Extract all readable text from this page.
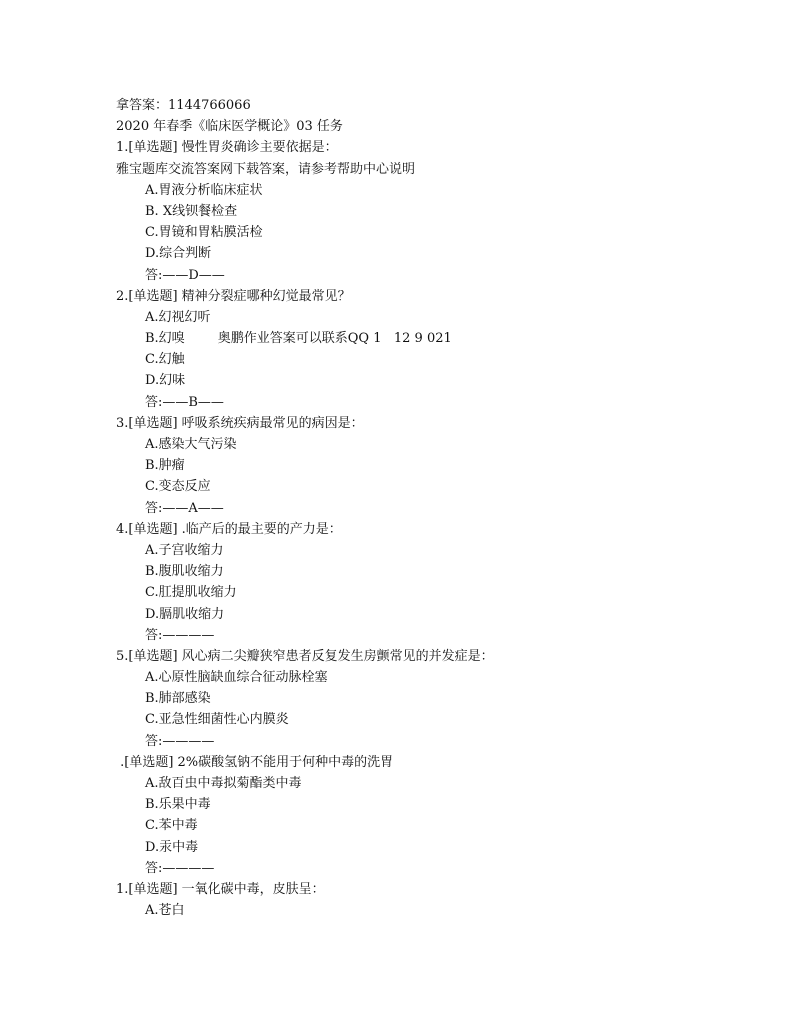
拿答案：1144766066
2020 年春季《临床医学概论》03 任务
1.[单选题] 慢性胃炎确诊主要依据是：
雅宝题库交流答案网下载答案，请参考帮助中心说明
A.胃液分析临床症状
B. X线钡餐检查
C.胃镜和胃粘膜活检
D.综合判断
答:——D——
2.[单选题] 精神分裂症哪种幻觉最常见？
A.幻视幻听
B.幻嗅        奥鹏作业答案可以联系QQ 1   12 9 021
C.幻触
D.幻味
答:——B——
3.[单选题] 呼吸系统疾病最常见的病因是：
A.感染大气污染
B.肿瘤
C.变态反应
答:——A——
4.[单选题] .临产后的最主要的产力是：
A.子宫收缩力
B.腹肌收缩力
C.肛提肌收缩力
D.膈肌收缩力
答:————
5.[单选题] 风心病二尖瓣狭窄患者反复发生房颤常见的并发症是：
A.心原性脑缺血综合征动脉栓塞
B.肺部感染
C.亚急性细菌性心内膜炎
答:————
.[单选题] 2%碳酸氢钠不能用于何种中毒的洗胃
A.敌百虫中毒拟菊酯类中毒
B.乐果中毒
C.苯中毒
D.汞中毒
答:————
1.[单选题] 一氧化碳中毒，皮肤呈：
A.苍白
